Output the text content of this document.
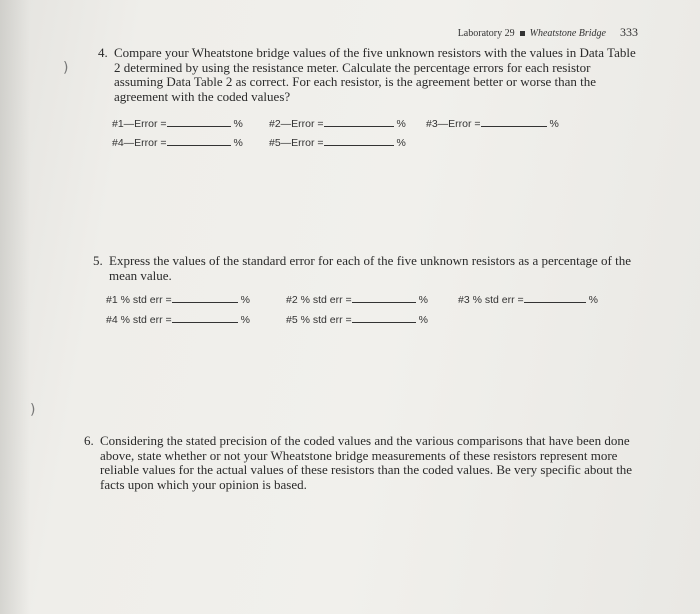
Laboratory 29 Wheatstone Bridge 333
)
)
4. Compare your Wheatstone bridge values of the five unknown resistors with the values in Data Table 2 determined by using the resistance meter. Calculate the percentage errors for each resistor assuming Data Table 2 as correct. For each resistor, is the agreement better or worse than the agreement with the coded values?
#1—Error =	% #2—Error =	% #3—Error =	%
#4—Error =	% #5—Error =	%
5. Express the values of the standard error for each of the five unknown resistors as a percentage of the mean value.
#1 % std err =	%	#2 % std err =	%	#3 % std err =	%
#4 % std err =	%	#5 % std err =	%
6. Considering the stated precision of the coded values and the various comparisons that have been done above, state whether or not your Wheatstone bridge measurements of these resistors represent more reliable values for the actual values of these resistors than the coded values. Be very specific about the facts upon which your opinion is based.
